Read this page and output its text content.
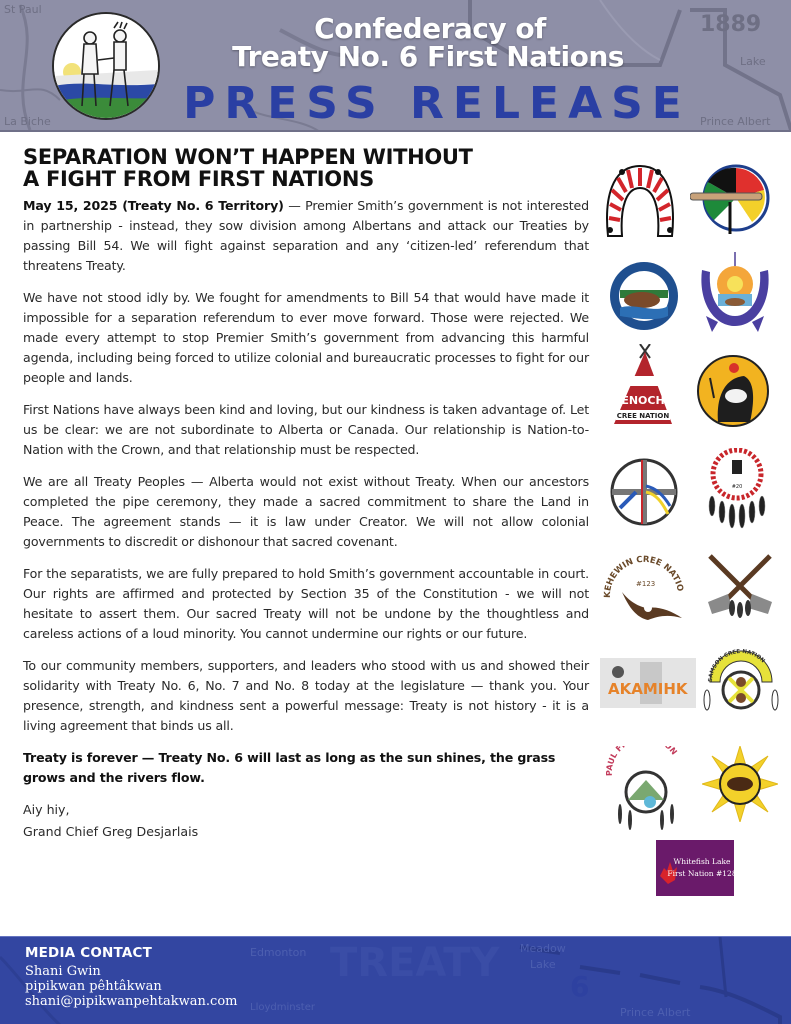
St Paul
La Biche
1889
Lake
Prince Albert
Confederacy of
Treaty No. 6 First Nations
PRESS RELEASE
SEPARATION WON’T HAPPEN WITHOUT
A FIGHT FROM FIRST NATIONS

May 15, 2025 (Treaty No. 6 Territory) — Premier Smith’s government is not interested in partnership - instead, they sow division among Albertans and attack our Treaties by passing Bill 54. We will fight against separation and any ‘citizen-led’ referendum that threatens Treaty.

We have not stood idly by. We fought for amendments to Bill 54 that would have made it impossible for a separation referendum to ever move forward. Those were rejected. We made every attempt to stop Premier Smith’s government from advancing this harmful agenda, including being forced to utilize colonial and bureaucratic processes to fight for our people and lands.

First Nations have always been kind and loving, but our kindness is taken advantage of. Let us be clear: we are not subordinate to Alberta or Canada. Our relationship is Nation-to-Nation with the Crown, and that relationship must be respected.

We are all Treaty Peoples — Alberta would not exist without Treaty. When our ancestors completed the pipe ceremony, they made a sacred commitment to share the Land in Peace. The agreement stands — it is law under Creator. We will not allow colonial governments to discredit or dishonour that sacred covenant.

For the separatists, we are fully prepared to hold Smith’s government accountable in court. Our rights are affirmed and protected by Section 35 of the Constitution - we will not hesitate to assert them. Our sacred Treaty will not be undone by the thoughtless and careless actions of a loud minority. You cannot undermine our rights or our future.

To our community members, supporters, and leaders who stood with us and showed their solidarity with Treaty No. 6, No. 7 and No. 8 today at the legislature — thank you. Your presence, strength, and kindness sent a powerful message: Treaty is not history - it is a living agreement that binds us all.

Treaty is forever — Treaty No. 6 will last as long as the sun shines, the grass grows and the rivers flow.

Aiy hiy,
Grand Chief Greg Desjarlais
ENOCH
CREE NATION
#20
KEHEWIN CREE NATIO
#123
AKAMIHK
SAMSON CREE NATION
UL F N
Whitefish Lake
First Nation #128
Edmonton TREATY Meadow
Lake
6
Prince Albert
Lloydminster
MEDIA CONTACT
Shani Gwin
pipikwan pêhtâkwan
shani@pipikwanpehtakwan.com
